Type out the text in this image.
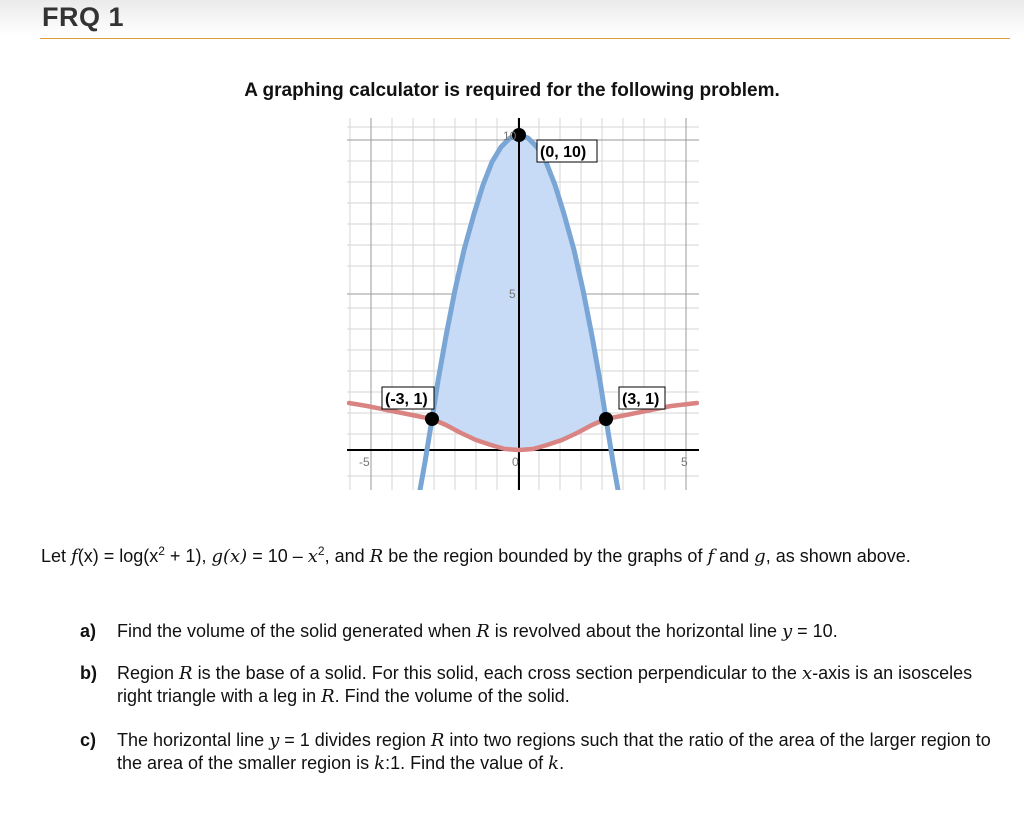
FRQ 1
A graphing calculator is required for the following problem.
(0, 10)
(-3, 1)	(3, 1)
10
5
-5	0	5
Let $f(x) = \log(x^2 + 1)$, $g(x) = 10 - x^2$, and R be the region bounded by the graphs of f and g, as shown above.
a) Find the volume of the solid generated when R is revolved about the horizontal line y = 10.
b) Region R is the base of a solid. For this solid, each cross section perpendicular to the x-axis is an isosceles right triangle with a leg in R. Find the volume of the solid.
c) The horizontal line y = 1 divides region R into two regions such that the ratio of the area of the larger region to the area of the smaller region is k:1. Find the value of k.
